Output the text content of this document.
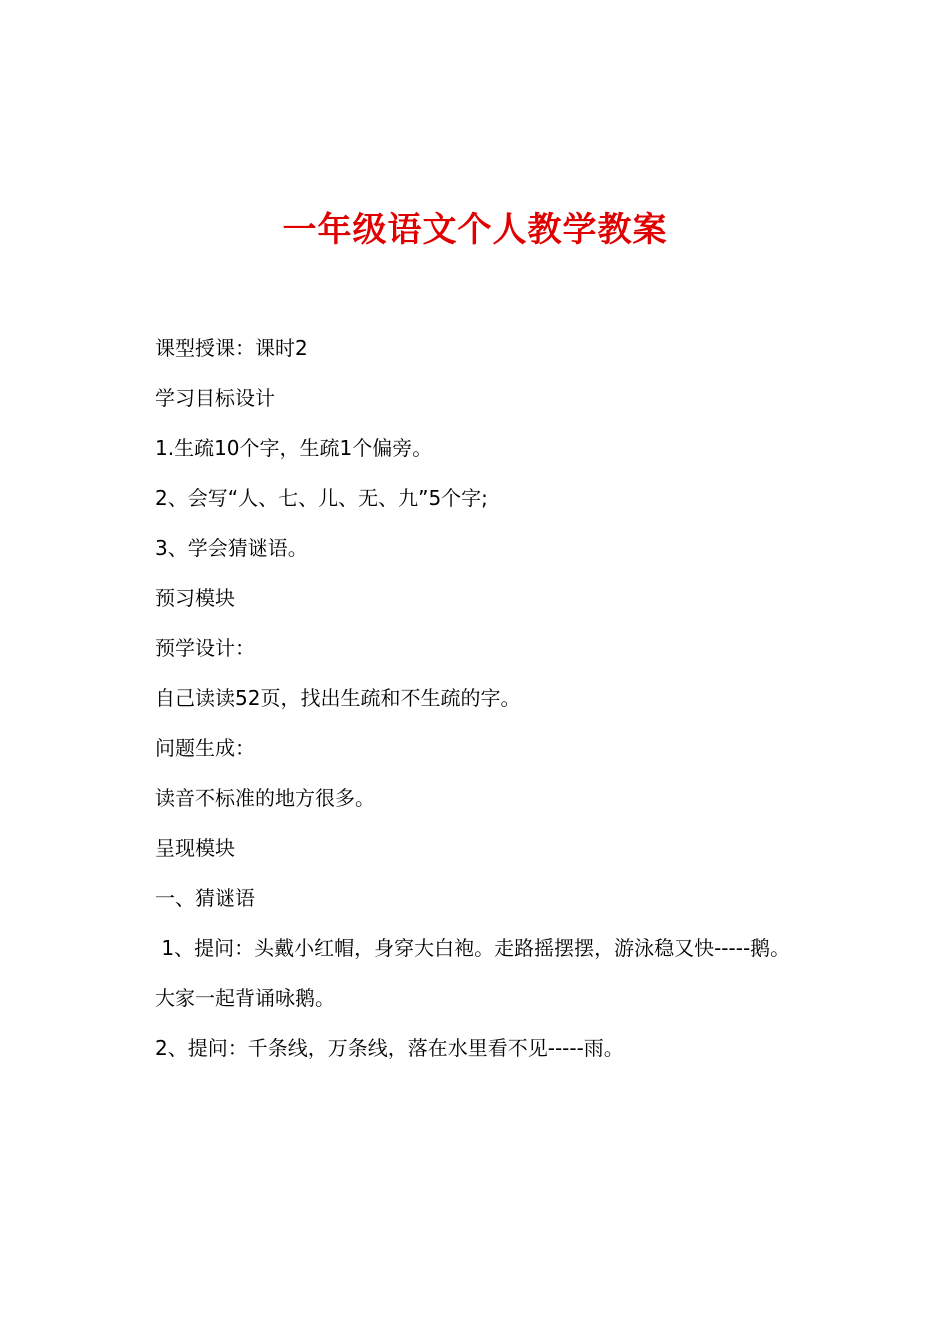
一年级语文个人教学教案

课型授课：课时2

学习目标设计

1.生疏10个字，生疏1个偏旁。

2、会写“人、七、儿、无、九”5个字;

3、学会猜谜语。

预习模块

预学设计：

自己读读52页，找出生疏和不生疏的字。

问题生成：

读音不标准的地方很多。

呈现模块

一、猜谜语

1、提问：头戴小红帽，身穿大白袍。走路摇摆摆，游泳稳又快-----鹅。

大家一起背诵咏鹅。

2、提问：千条线，万条线，落在水里看不见-----雨。
